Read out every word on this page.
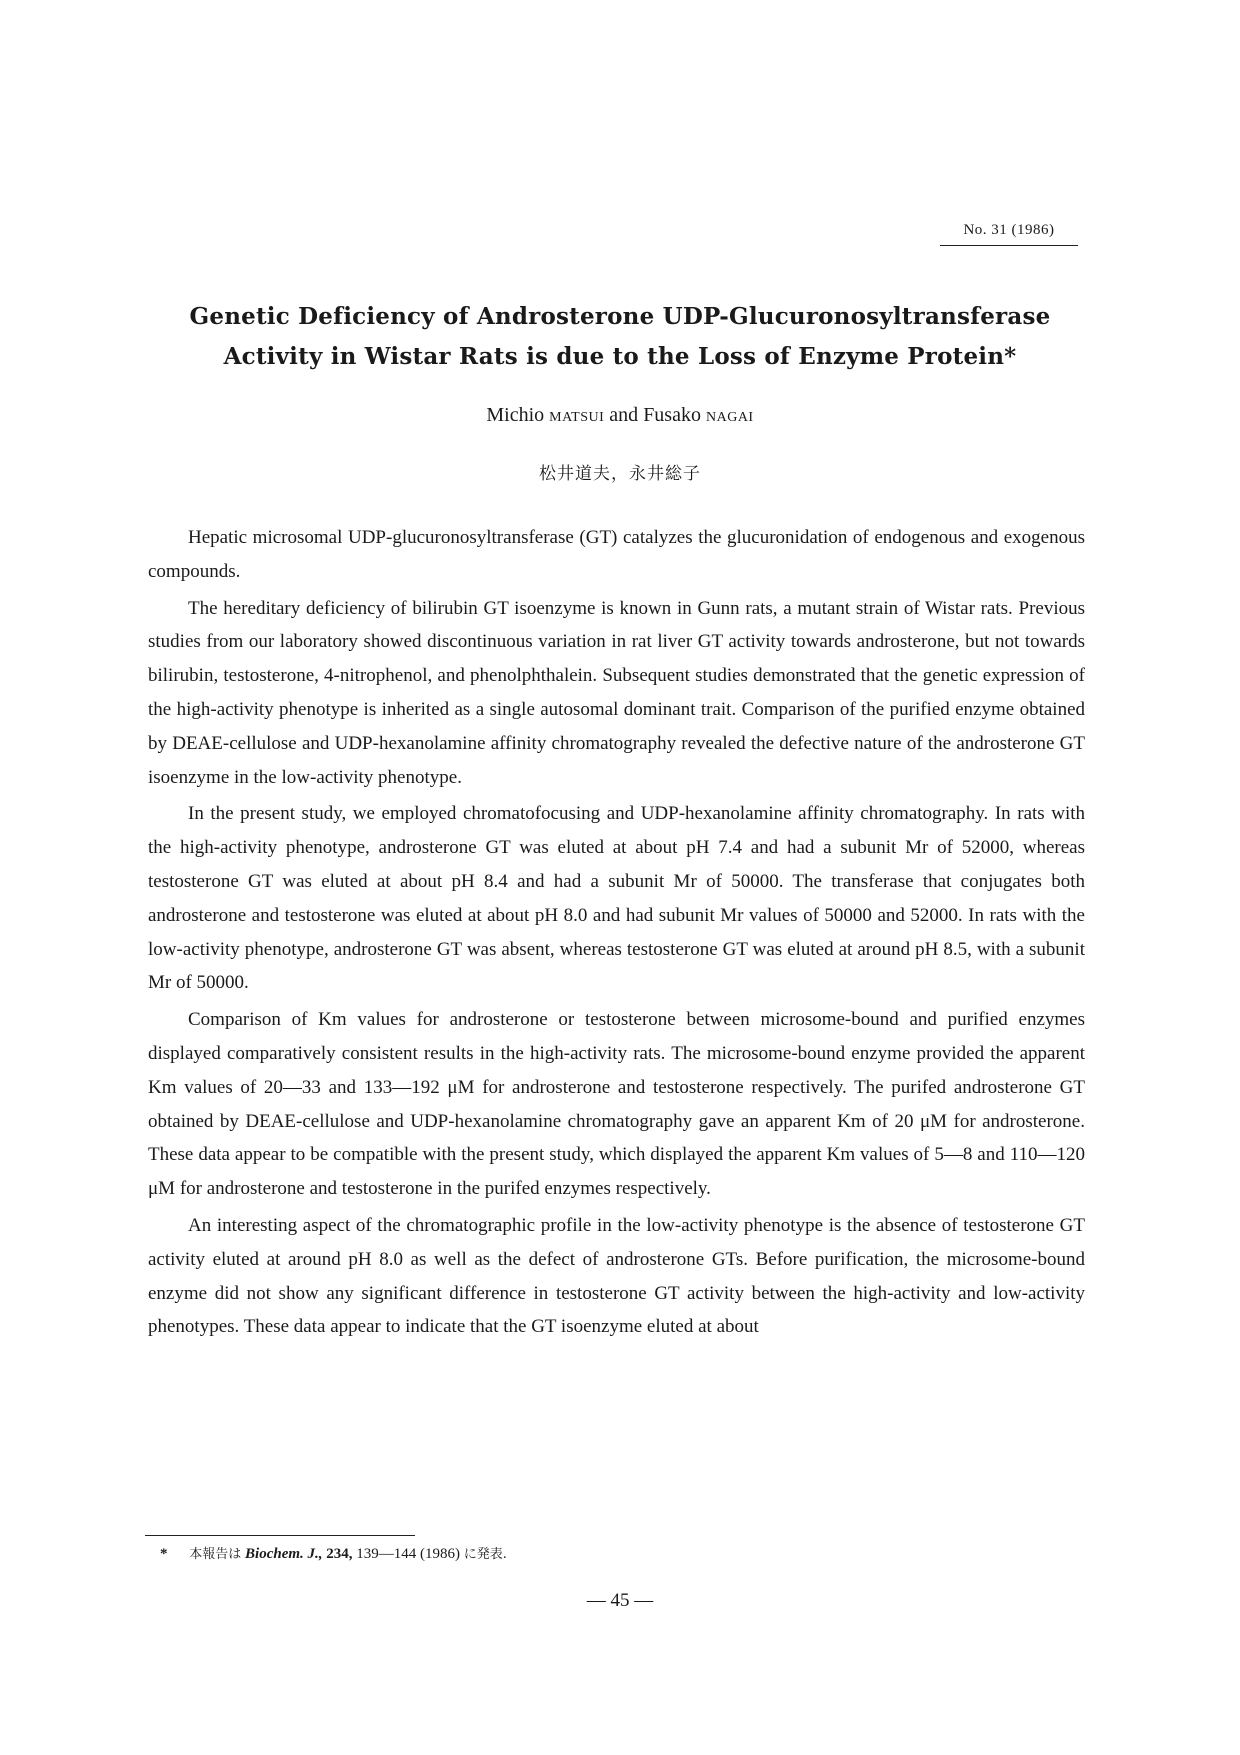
No. 31 (1986)
Genetic Deficiency of Androsterone UDP-Glucuronosyltransferase
Activity in Wistar Rats is due to the Loss of Enzyme Protein*
Michio MATSUI and Fusako NAGAI
松井道夫，永井総子

Hepatic microsomal UDP-glucuronosyltransferase (GT) catalyzes the glucuronidation of endogenous and exogenous compounds.

The hereditary deficiency of bilirubin GT isoenzyme is known in Gunn rats, a mutant strain of Wistar rats. Previous studies from our laboratory showed discontinuous variation in rat liver GT activity towards androsterone, but not towards bilirubin, testosterone, 4-nitrophenol, and phenolphthalein. Subsequent studies demonstrated that the genetic expression of the high-activity phenotype is inherited as a single autosomal dominant trait. Comparison of the purified enzyme obtained by DEAE-cellulose and UDP-hexanolamine affinity chromatography revealed the defective nature of the androsterone GT isoenzyme in the low-activity phenotype.

In the present study, we employed chromatofocusing and UDP-hexanolamine affinity chromatography. In rats with the high-activity phenotype, androsterone GT was eluted at about pH 7.4 and had a subunit Mr of 52000, whereas testosterone GT was eluted at about pH 8.4 and had a subunit Mr of 50000. The transferase that conjugates both androsterone and testosterone was eluted at about pH 8.0 and had subunit Mr values of 50000 and 52000. In rats with the low-activity phenotype, androsterone GT was absent, whereas testosterone GT was eluted at around pH 8.5, with a subunit Mr of 50000.

Comparison of Km values for androsterone or testosterone between microsome-bound and purified enzymes displayed comparatively consistent results in the high-activity rats. The microsome-bound enzyme provided the apparent Km values of 20—33 and 133—192 μM for androsterone and testosterone respectively. The purifed androsterone GT obtained by DEAE-cellulose and UDP-hexanolamine chromatography gave an apparent Km of 20 μM for androsterone. These data appear to be compatible with the present study, which displayed the apparent Km values of 5—8 and 110—120 μM for androsterone and testosterone in the purifed enzymes respectively.

An interesting aspect of the chromatographic profile in the low-activity phenotype is the absence of testosterone GT activity eluted at around pH 8.0 as well as the defect of androsterone GTs. Before purification, the microsome-bound enzyme did not show any significant difference in testosterone GT activity between the high-activity and low-activity phenotypes. These data appear to indicate that the GT isoenzyme eluted at about

* 本報告は Biochem. J., 234, 139—144 (1986) に発表.
— 45 —
